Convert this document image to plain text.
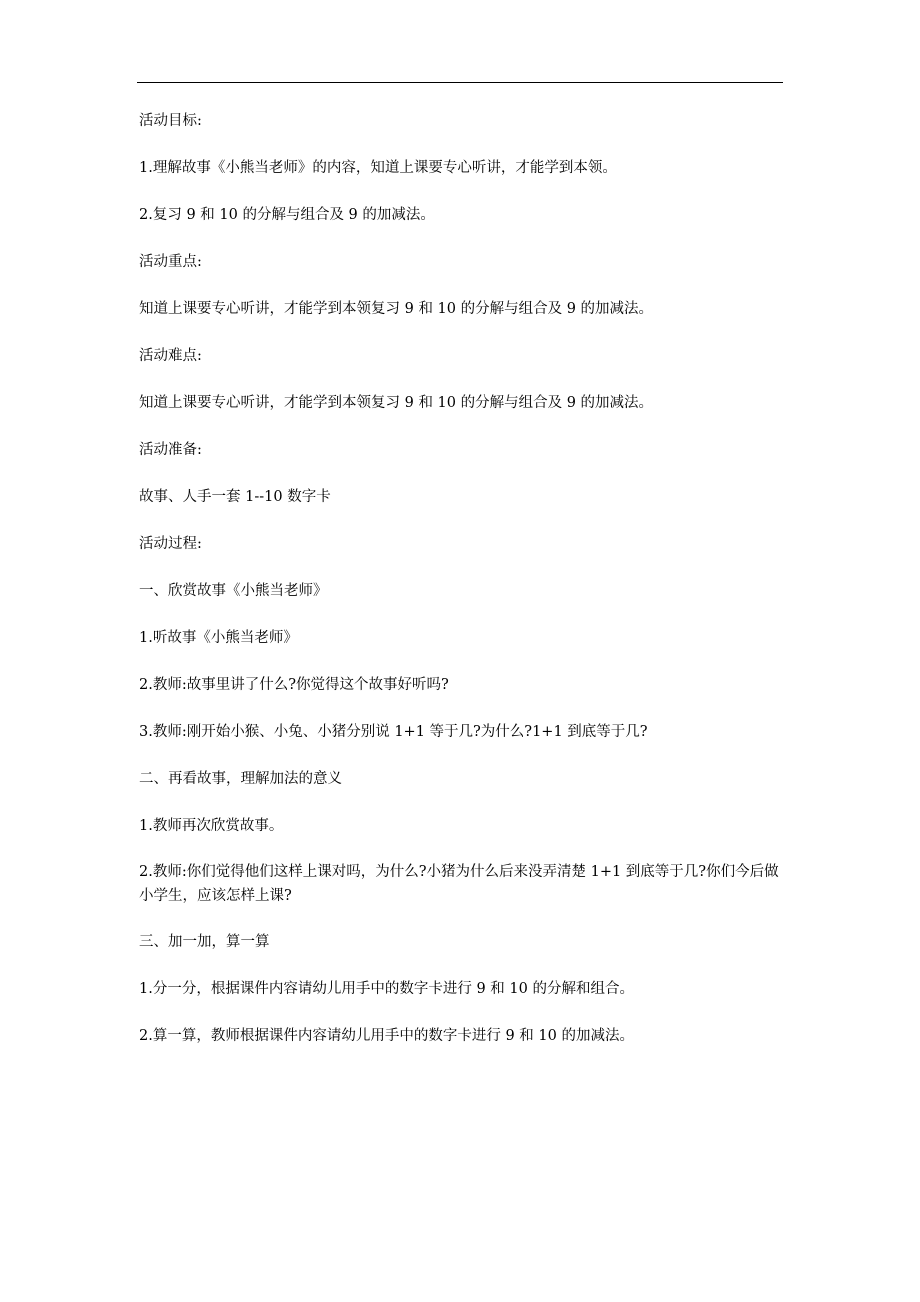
活动目标:

1.理解故事《小熊当老师》的内容，知道上课要专心听讲，才能学到本领。

2.复习 9 和 10 的分解与组合及 9 的加减法。

活动重点:

知道上课要专心听讲，才能学到本领复习 9 和 10 的分解与组合及 9 的加减法。

活动难点:

知道上课要专心听讲，才能学到本领复习 9 和 10 的分解与组合及 9 的加减法。

活动准备:

故事、人手一套 1--10 数字卡

活动过程:

一、欣赏故事《小熊当老师》

1.听故事《小熊当老师》

2.教师:故事里讲了什么?你觉得这个故事好听吗?

3.教师:刚开始小猴、小兔、小猪分别说 1+1 等于几?为什么?1+1 到底等于几?

二、再看故事，理解加法的意义

1.教师再次欣赏故事。

2.教师:你们觉得他们这样上课对吗，为什么?小猪为什么后来没弄清楚 1+1 到底等于几?你们今后做小学生，应该怎样上课?

三、加一加，算一算

1.分一分，根据课件内容请幼儿用手中的数字卡进行 9 和 10 的分解和组合。

2.算一算，教师根据课件内容请幼儿用手中的数字卡进行 9 和 10 的加减法。
